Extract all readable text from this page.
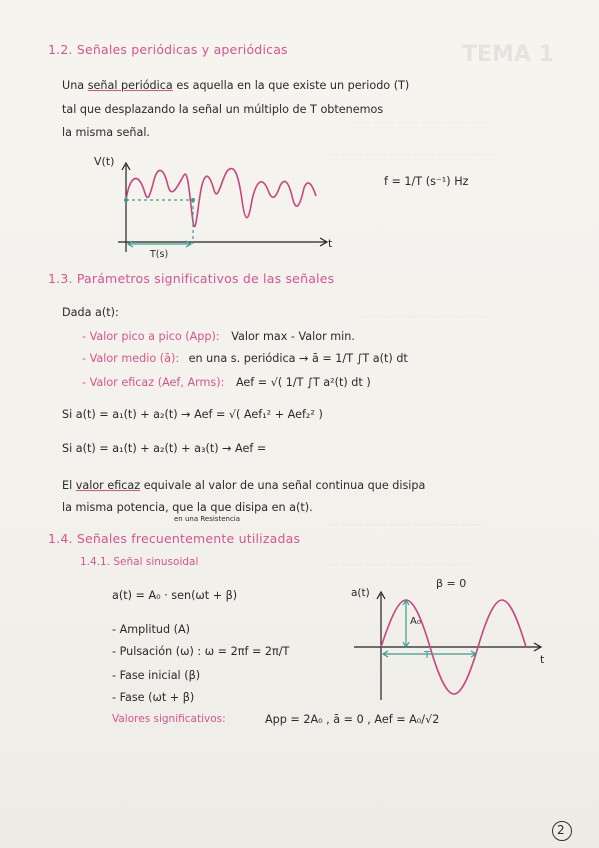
TEMA 1
— — — — — — — — — — — —
— — — — — — — — — — — — — —
— — — — — — — — — — —
— — — — — — — — — — — — —
— — — — — — — — — — — —
1.2. Señales periódicas y aperiódicas
Una señal periódica es aquella en la que existe un periodo (T)
tal que desplazando la señal un múltiplo de T obtenemos
la misma señal.
V(t)
t
T(s)
f = 1/T (s⁻¹) Hz
1.3. Parámetros significativos de las señales
Dada a(t):
- Valor pico a pico (App): Valor max - Valor min.
- Valor medio (ā): en una s. periódica → ā = 1/T ∫T a(t) dt
- Valor eficaz (Aef, Arms): Aef = √( 1/T ∫T a²(t) dt )
Si a(t) = a₁(t) + a₂(t) → Aef = √( Aef₁² + Aef₂² )
Si a(t) = a₁(t) + a₂(t) + a₃(t) → Aef =
El valor eficaz equivale al valor de una señal continua que disipa
la misma potencia, que la que disipa en a(t).
en una Resistencia
1.4. Señales frecuentemente utilizadas
1.4.1. Señal sinusoidal
a(t) = A₀ · sen(ωt + β)
- Amplitud (A)
- Pulsación (ω) : ω = 2πf = 2π/T
- Fase inicial (β)
- Fase (ωt + β)
Valores significativos:	App = 2A₀ , ā = 0 , Aef = A₀/√2
a(t)
β = 0
A₀
T	t
2
